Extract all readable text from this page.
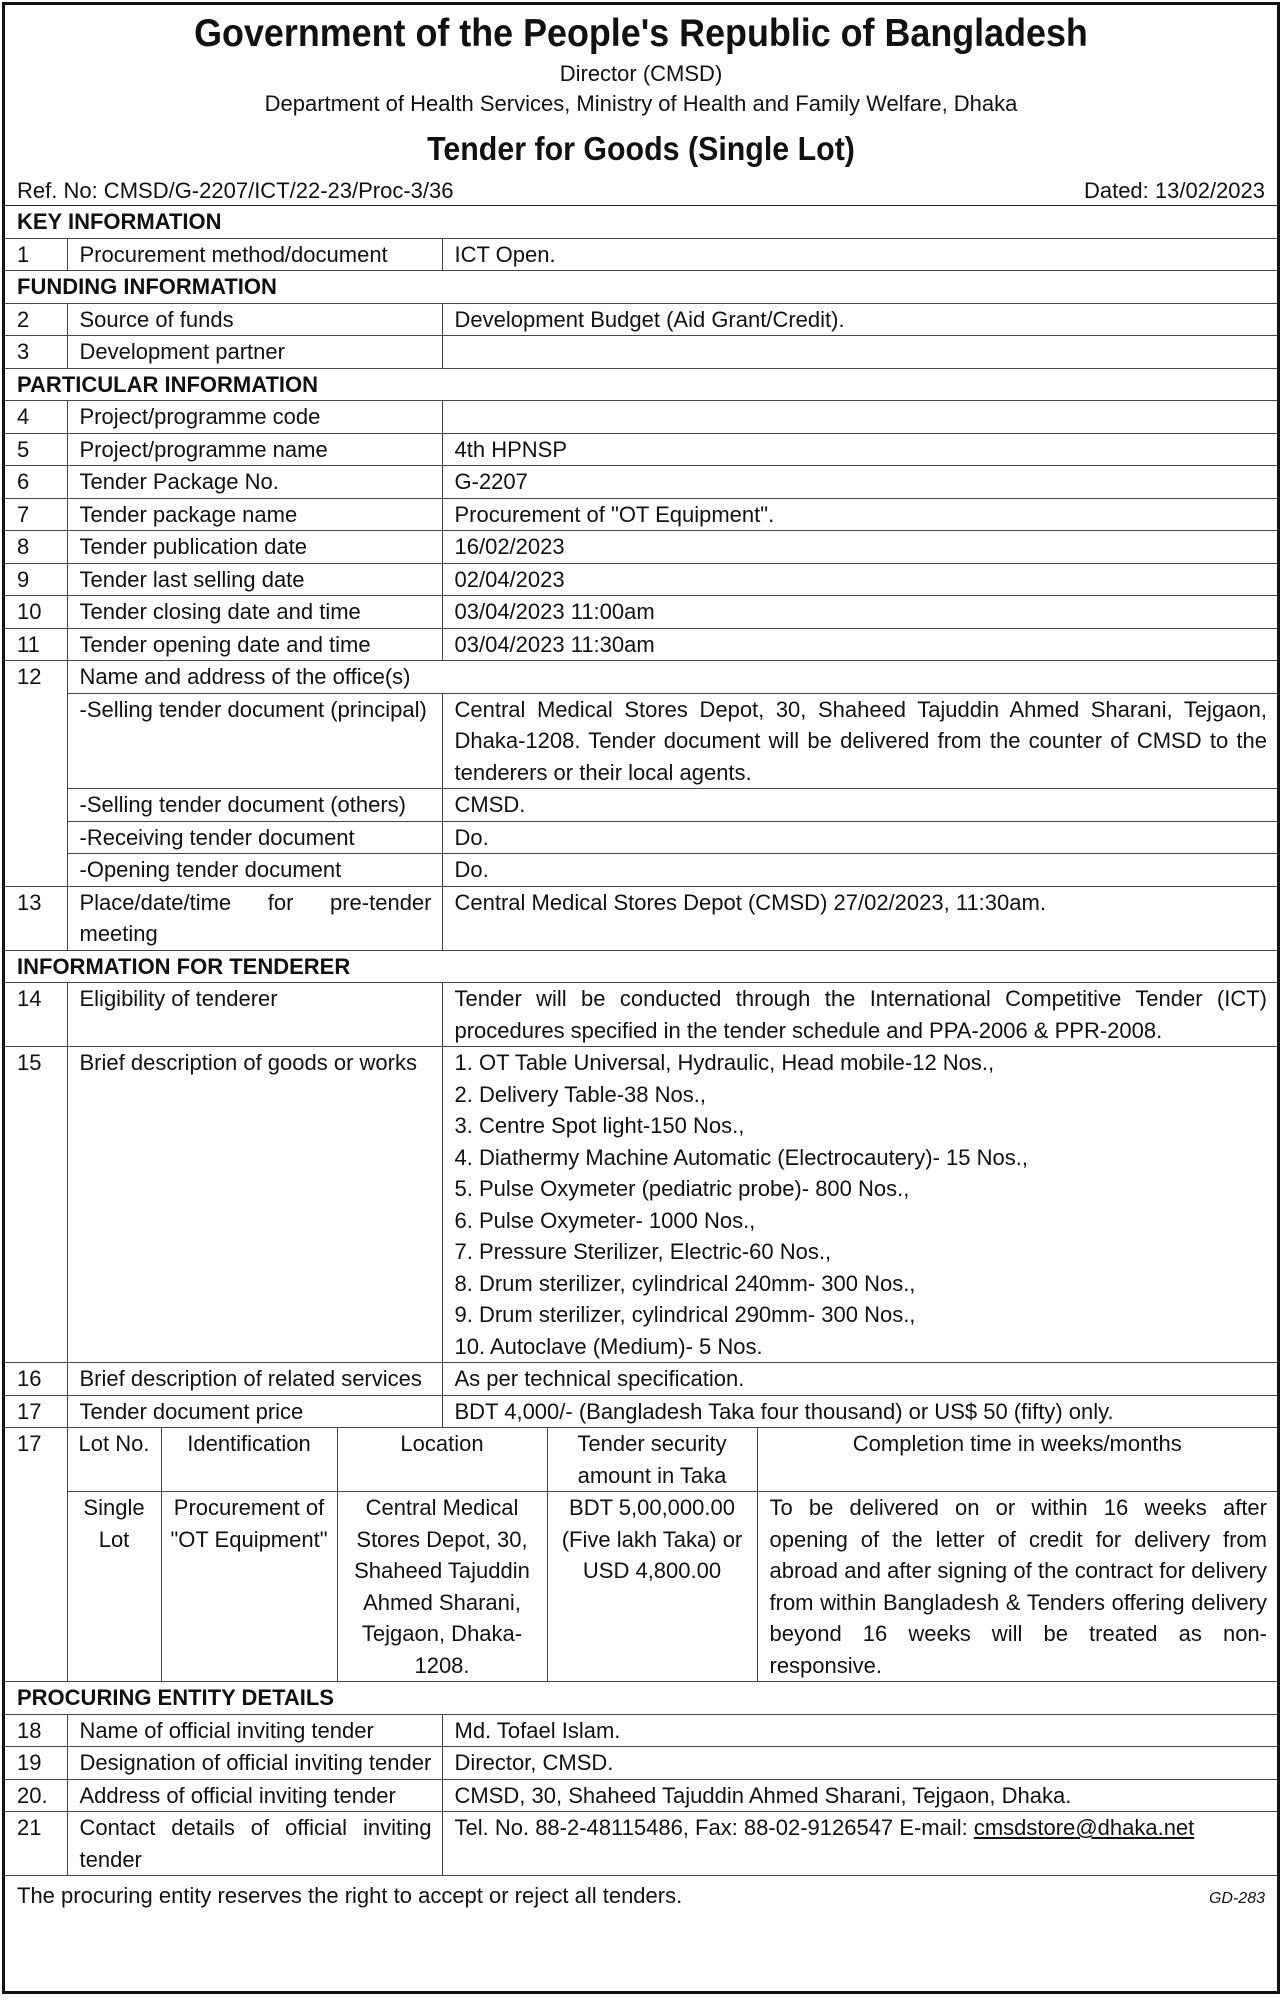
Government of the People's Republic of Bangladesh
Director (CMSD)
Department of Health Services, Ministry of Health and Family Welfare, Dhaka
Tender for Goods (Single Lot)
Ref. No: CMSD/G-2207/ICT/22-23/Proc-3/36	Dated: 13/02/2023
KEY INFORMATION
1	Procurement method/document	ICT Open.
FUNDING INFORMATION
2	Source of funds	Development Budget (Aid Grant/Credit).
3	Development partner	
PARTICULAR INFORMATION
4	Project/programme code	
5	Project/programme name	4th HPNSP
6	Tender Package No.	G-2207
7	Tender package name	Procurement of "OT Equipment".
8	Tender publication date	16/02/2023
9	Tender last selling date	02/04/2023
10	Tender closing date and time	03/04/2023 11:00am
11	Tender opening date and time	03/04/2023 11:30am
12	Name and address of the office(s)
	-Selling tender document (principal)	Central Medical Stores Depot, 30, Shaheed Tajuddin Ahmed Sharani, Tejgaon, Dhaka-1208. Tender document will be delivered from the counter of CMSD to the tenderers or their local agents.
	-Selling tender document (others)	CMSD.
	-Receiving tender document	Do.
	-Opening tender document	Do.
13	Place/date/time for pre-tender meeting	Central Medical Stores Depot (CMSD) 27/02/2023, 11:30am.
INFORMATION FOR TENDERER
14	Eligibility of tenderer	Tender will be conducted through the International Competitive Tender (ICT) procedures specified in the tender schedule and PPA-2006 & PPR-2008.
15	Brief description of goods or works	1. OT Table Universal, Hydraulic, Head mobile-12 Nos.,
2. Delivery Table-38 Nos.,
3. Centre Spot light-150 Nos.,
4. Diathermy Machine Automatic (Electrocautery)- 15 Nos.,
5. Pulse Oxymeter (pediatric probe)- 800 Nos.,
6. Pulse Oxymeter- 1000 Nos.,
7. Pressure Sterilizer, Electric-60 Nos.,
8. Drum sterilizer, cylindrical 240mm- 300 Nos.,
9. Drum sterilizer, cylindrical 290mm- 300 Nos.,
10. Autoclave (Medium)- 5 Nos.

16	Brief description of related services	As per technical specification.
17	Tender document price	BDT 4,000/- (Bangladesh Taka four thousand) or US$ 50 (fifty) only.

17	Lot No.	Identification	Location	Tender security amount in Taka	Completion time in weeks/months
	Single Lot	Procurement of "OT Equipment"	Central Medical Stores Depot, 30, Shaheed Tajuddin Ahmed Sharani, Tejgaon, Dhaka-1208.	BDT 5,00,000.00 (Five lakh Taka) or USD 4,800.00	To be delivered on or within 16 weeks after opening of the letter of credit for delivery from abroad and after signing of the contract for delivery from within Bangladesh & Tenders offering delivery beyond 16 weeks will be treated as non-responsive.

PROCURING ENTITY DETAILS
18	Name of official inviting tender	Md. Tofael Islam.
19	Designation of official inviting tender	Director, CMSD.
20.	Address of official inviting tender	CMSD, 30, Shaheed Tajuddin Ahmed Sharani, Tejgaon, Dhaka.
21	Contact details of official inviting tender	Tel. No. 88-2-48115486, Fax: 88-02-9126547 E-mail: cmsdstore@dhaka.net
The procuring entity reserves the right to accept or reject all tenders.	GD-283
